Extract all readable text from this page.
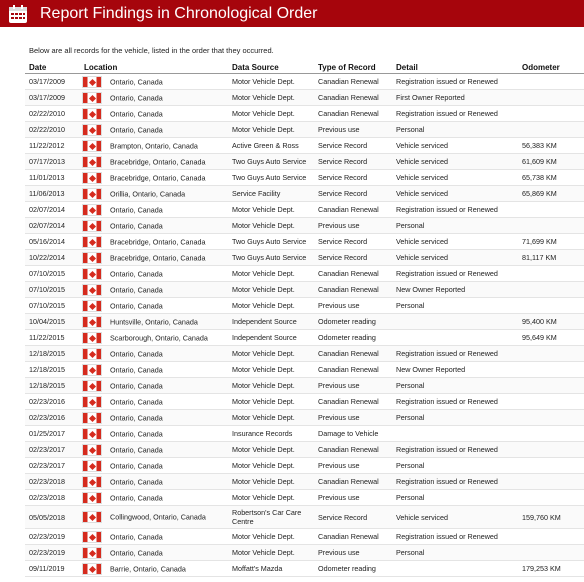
Report Findings in Chronological Order
Below are all records for the vehicle, listed in the order that they occurred.
Date	Location	Data Source	Type of Record	Detail	Odometer
03/17/2009	Ontario, Canada	Motor Vehicle Dept.	Canadian Renewal	Registration issued or Renewed	
03/17/2009	Ontario, Canada	Motor Vehicle Dept.	Canadian Renewal	First Owner Reported	
02/22/2010	Ontario, Canada	Motor Vehicle Dept.	Canadian Renewal	Registration issued or Renewed	
02/22/2010	Ontario, Canada	Motor Vehicle Dept.	Previous use	Personal	
11/22/2012	Brampton, Ontario, Canada	Active Green & Ross	Service Record	Vehicle serviced	56,383 KM
07/17/2013	Bracebridge, Ontario, Canada	Two Guys Auto Service	Service Record	Vehicle serviced	61,609 KM
11/01/2013	Bracebridge, Ontario, Canada	Two Guys Auto Service	Service Record	Vehicle serviced	65,738 KM
11/06/2013	Orillia, Ontario, Canada	Service Facility	Service Record	Vehicle serviced	65,869 KM
02/07/2014	Ontario, Canada	Motor Vehicle Dept.	Canadian Renewal	Registration issued or Renewed	
02/07/2014	Ontario, Canada	Motor Vehicle Dept.	Previous use	Personal	
05/16/2014	Bracebridge, Ontario, Canada	Two Guys Auto Service	Service Record	Vehicle serviced	71,699 KM
10/22/2014	Bracebridge, Ontario, Canada	Two Guys Auto Service	Service Record	Vehicle serviced	81,117 KM
07/10/2015	Ontario, Canada	Motor Vehicle Dept.	Canadian Renewal	Registration issued or Renewed	
07/10/2015	Ontario, Canada	Motor Vehicle Dept.	Canadian Renewal	New Owner Reported	
07/10/2015	Ontario, Canada	Motor Vehicle Dept.	Previous use	Personal	
10/04/2015	Huntsville, Ontario, Canada	Independent Source	Odometer reading		95,400 KM
11/22/2015	Scarborough, Ontario, Canada	Independent Source	Odometer reading		95,649 KM
12/18/2015	Ontario, Canada	Motor Vehicle Dept.	Canadian Renewal	Registration issued or Renewed	
12/18/2015	Ontario, Canada	Motor Vehicle Dept.	Canadian Renewal	New Owner Reported	
12/18/2015	Ontario, Canada	Motor Vehicle Dept.	Previous use	Personal	
02/23/2016	Ontario, Canada	Motor Vehicle Dept.	Canadian Renewal	Registration issued or Renewed	
02/23/2016	Ontario, Canada	Motor Vehicle Dept.	Previous use	Personal	
01/25/2017	Ontario, Canada	Insurance Records	Damage to Vehicle		
02/23/2017	Ontario, Canada	Motor Vehicle Dept.	Canadian Renewal	Registration issued or Renewed	
02/23/2017	Ontario, Canada	Motor Vehicle Dept.	Previous use	Personal	
02/23/2018	Ontario, Canada	Motor Vehicle Dept.	Canadian Renewal	Registration issued or Renewed	
02/23/2018	Ontario, Canada	Motor Vehicle Dept.	Previous use	Personal	
05/05/2018	Collingwood, Ontario, Canada	Robertson's Car Care Centre	Service Record	Vehicle serviced	159,760 KM
02/23/2019	Ontario, Canada	Motor Vehicle Dept.	Canadian Renewal	Registration issued or Renewed	
02/23/2019	Ontario, Canada	Motor Vehicle Dept.	Previous use	Personal	
09/11/2019	Barrie, Ontario, Canada	Moffatt's Mazda	Odometer reading		179,253 KM
